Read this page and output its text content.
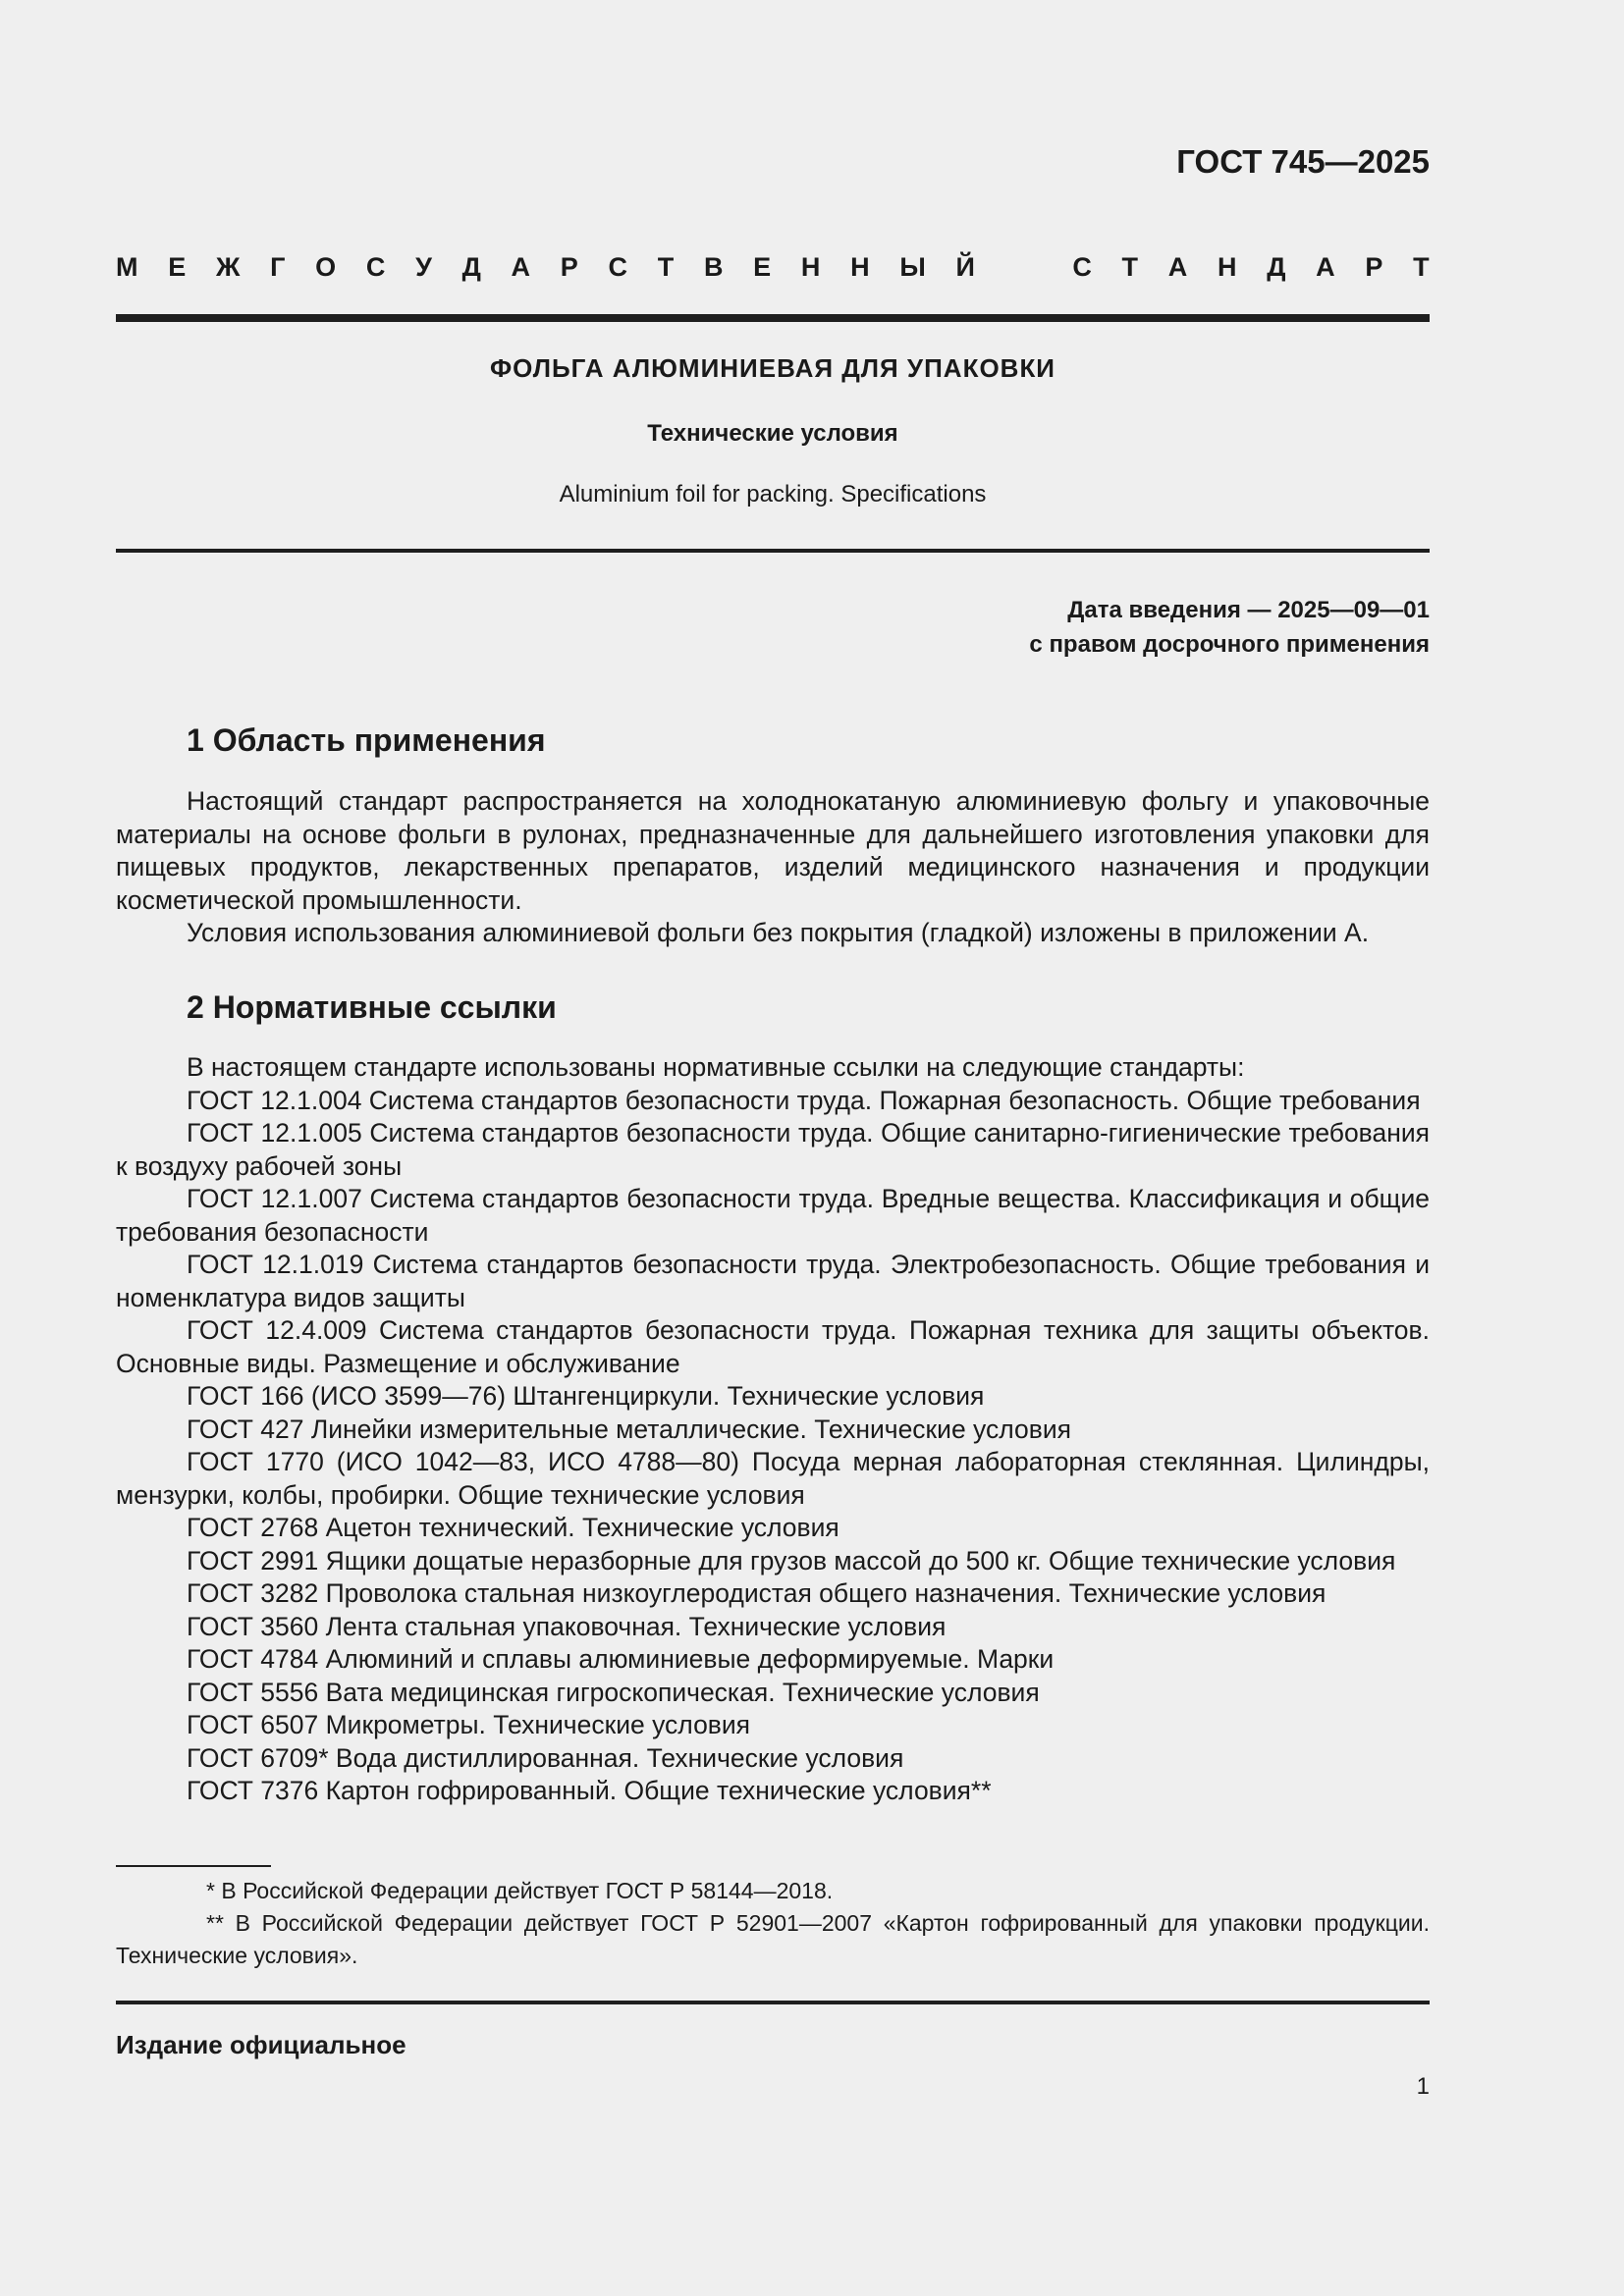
ГОСТ 745—2025
М Е Ж Г О С У Д А Р С Т В Е Н Н Ы Й	С Т А Н Д А Р Т
ФОЛЬГА АЛЮМИНИЕВАЯ ДЛЯ УПАКОВКИ
Технические условия
Aluminium foil for packing. Specifications
Дата введения — 2025—09—01
с правом досрочного применения
1 Область применения

Настоящий стандарт распространяется на холоднокатаную алюминиевую фольгу и упаковочные материалы на основе фольги в рулонах, предназначенные для дальнейшего изготовления упаковки для пищевых продуктов, лекарственных препаратов, изделий медицинского назначения и продукции косметической промышленности.

Условия использования алюминиевой фольги без покрытия (гладкой) изложены в приложении А.

2 Нормативные ссылки

В настоящем стандарте использованы нормативные ссылки на следующие стандарты:

ГОСТ 12.1.004 Система стандартов безопасности труда. Пожарная безопасность. Общие требования

ГОСТ 12.1.005 Система стандартов безопасности труда. Общие санитарно-гигиенические требования к воздуху рабочей зоны

ГОСТ 12.1.007 Система стандартов безопасности труда. Вредные вещества. Классификация и общие требования безопасности

ГОСТ 12.1.019 Система стандартов безопасности труда. Электробезопасность. Общие требования и номенклатура видов защиты

ГОСТ 12.4.009 Система стандартов безопасности труда. Пожарная техника для защиты объектов. Основные виды. Размещение и обслуживание

ГОСТ 166 (ИСО 3599—76) Штангенциркули. Технические условия

ГОСТ 427 Линейки измерительные металлические. Технические условия

ГОСТ 1770 (ИСО 1042—83, ИСО 4788—80) Посуда мерная лабораторная стеклянная. Цилиндры, мензурки, колбы, пробирки. Общие технические условия

ГОСТ 2768 Ацетон технический. Технические условия

ГОСТ 2991 Ящики дощатые неразборные для грузов массой до 500 кг. Общие технические условия

ГОСТ 3282 Проволока стальная низкоуглеродистая общего назначения. Технические условия

ГОСТ 3560 Лента стальная упаковочная. Технические условия

ГОСТ 4784 Алюминий и сплавы алюминиевые деформируемые. Марки

ГОСТ 5556 Вата медицинская гигроскопическая. Технические условия

ГОСТ 6507 Микрометры. Технические условия

ГОСТ 6709* Вода дистиллированная. Технические условия

ГОСТ 7376 Картон гофрированный. Общие технические условия**

* В Российской Федерации действует ГОСТ Р 58144—2018.

** В Российской Федерации действует ГОСТ Р 52901—2007 «Картон гофрированный для упаковки продукции. Технические условия».

Издание официальное
1
